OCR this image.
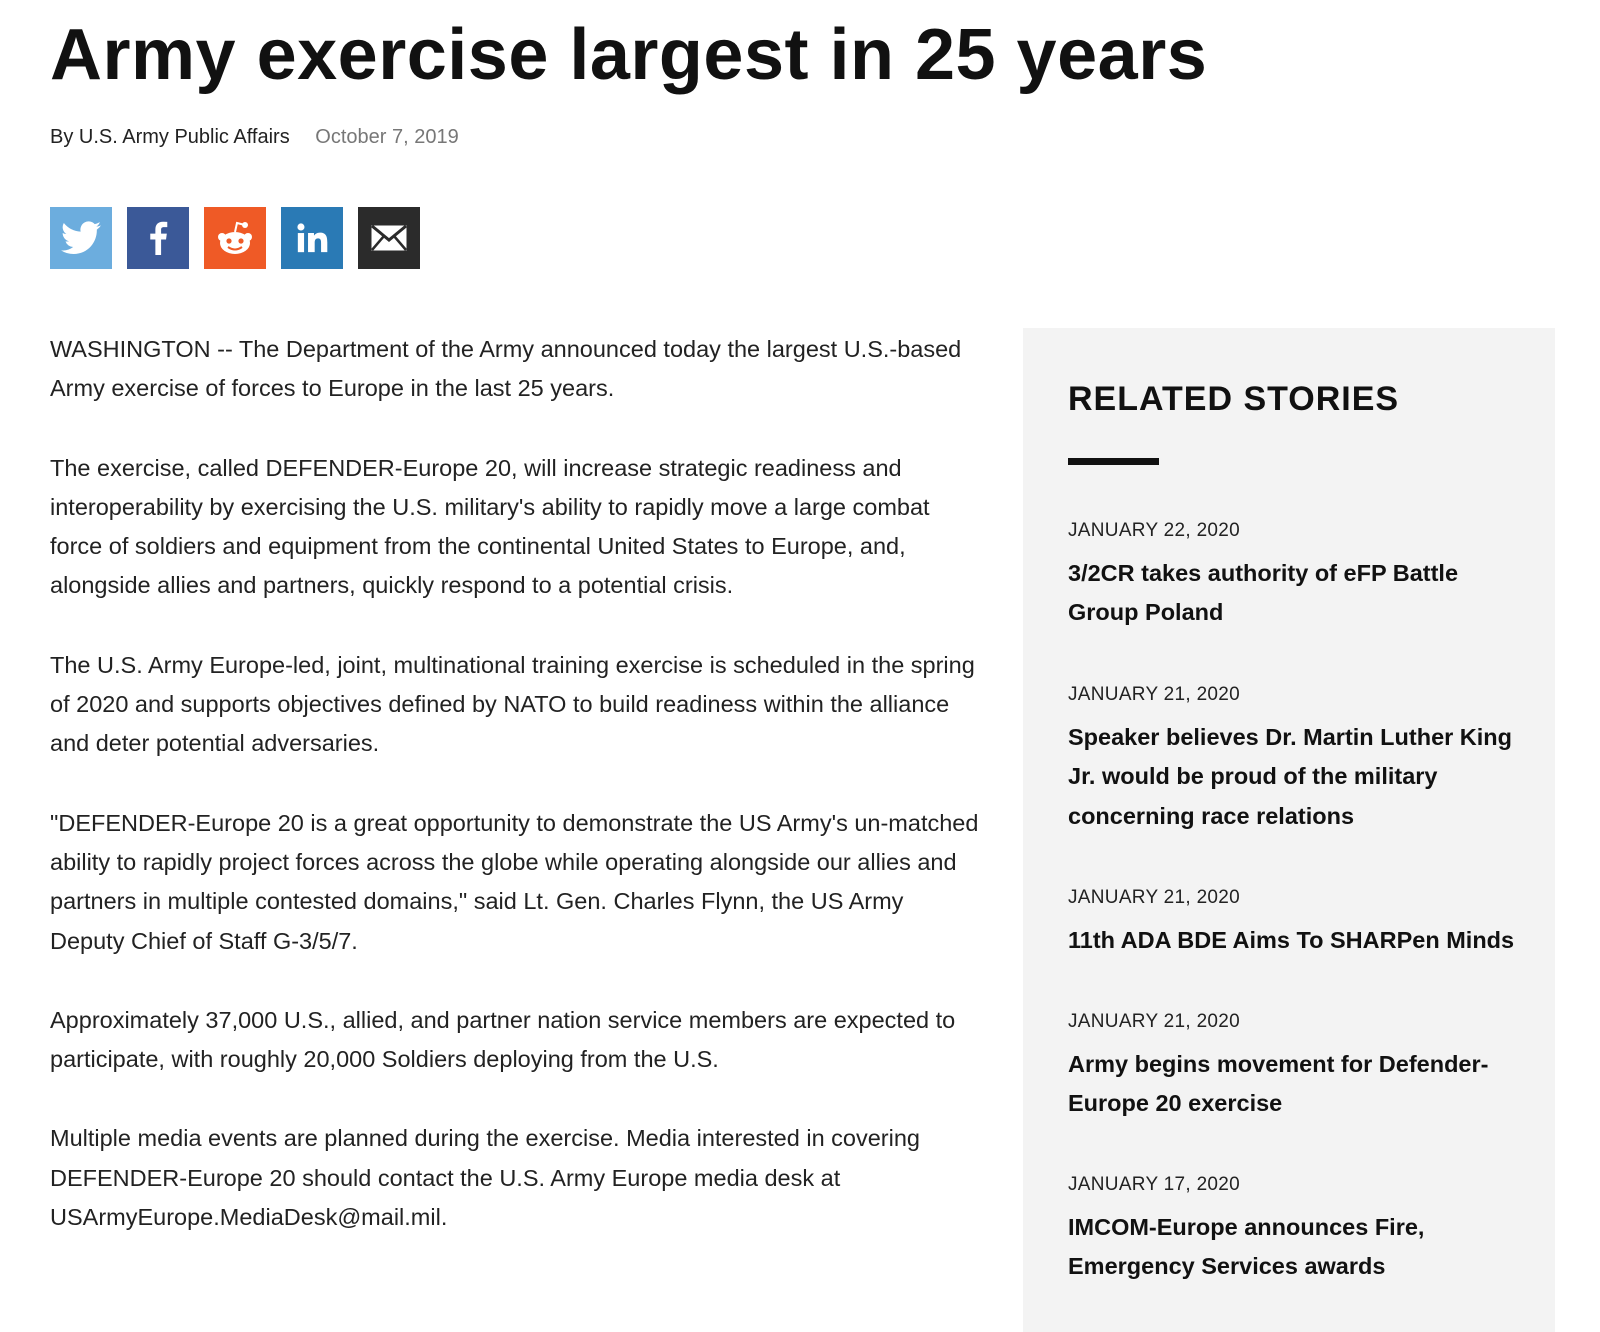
Army exercise largest in 25 years
By U.S. Army Public Affairs October 7, 2019

WASHINGTON -- The Department of the Army announced today the largest U.S.-based Army exercise of forces to Europe in the last 25 years.

The exercise, called DEFENDER-Europe 20, will increase strategic readiness and interoperability by exercising the U.S. military's ability to rapidly move a large combat force of soldiers and equipment from the continental United States to Europe, and, alongside allies and partners, quickly respond to a potential crisis.

The U.S. Army Europe-led, joint, multinational training exercise is scheduled in the spring of 2020 and supports objectives defined by NATO to build readiness within the alliance and deter potential adversaries.

"DEFENDER-Europe 20 is a great opportunity to demonstrate the US Army's un-matched ability to rapidly project forces across the globe while operating alongside our allies and partners in multiple contested domains," said Lt. Gen. Charles Flynn, the US Army Deputy Chief of Staff G-3/5/7.

Approximately 37,000 U.S., allied, and partner nation service members are expected to participate, with roughly 20,000 Soldiers deploying from the U.S.

Multiple media events are planned during the exercise. Media interested in covering DEFENDER-Europe 20 should contact the U.S. Army Europe media desk at USArmyEurope.MediaDesk@mail.mil.

RELATED STORIES
JANUARY 22, 2020
3/2CR takes authority of eFP Battle Group Poland
JANUARY 21, 2020
Speaker believes Dr. Martin Luther King Jr. would be proud of the military concerning race relations
JANUARY 21, 2020
11th ADA BDE Aims To SHARPen Minds
JANUARY 21, 2020
Army begins movement for Defender-Europe 20 exercise
JANUARY 17, 2020
IMCOM-Europe announces Fire, Emergency Services awards
